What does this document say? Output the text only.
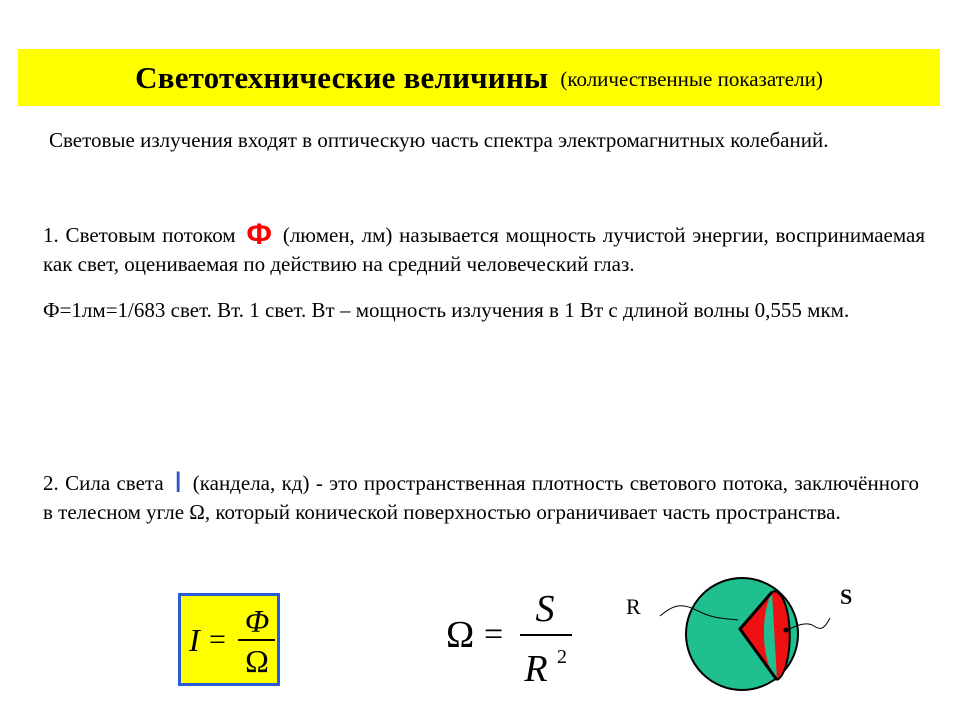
Светотехнические величины (количественные показатели)
Световые излучения входят в оптическую часть спектра электромагнитных колебаний.
1. Световым потоком Ф (люмен, лм) называется мощность лучистой энергии, воспринимаемая как свет, оцениваемая по действию на средний человеческий глаз.
Ф=1лм=1/683 свет. Вт. 1 свет. Вт – мощность излучения в 1 Вт с длиной волны 0,555 мкм.
2. Сила света I (кандела, кд) - это пространственная плотность светового потока, заключённого в телесном угле Ω, который конической поверхностью ограничивает часть пространства.
I =
Φ
Ω
Ω =
S
R 2
R	S
